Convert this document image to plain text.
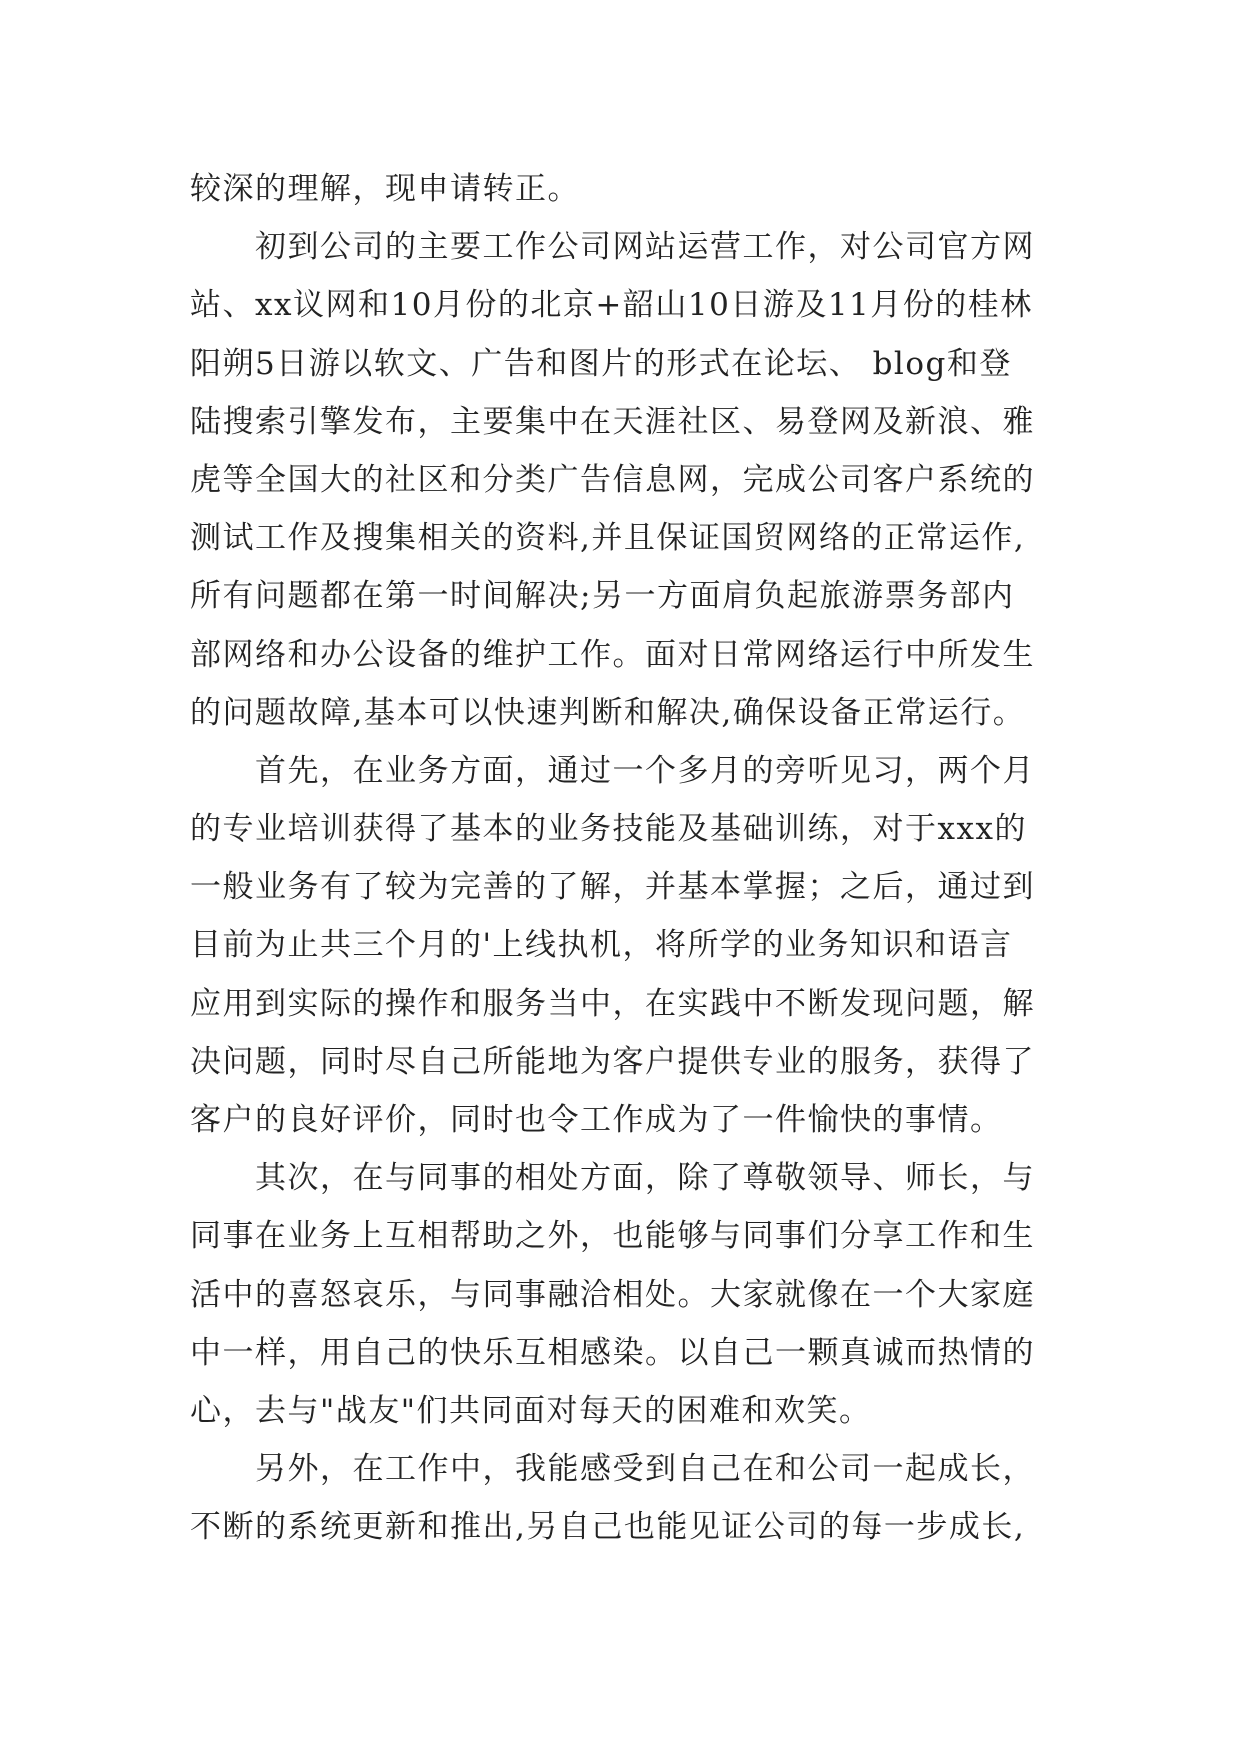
较深的理解，现申请转正。
　　初到公司的主要工作公司网站运营工作，对公司官方网
站、xx议网和10月份的北京+韶山10日游及11月份的桂林
阳朔5日游以软文、广告和图片的形式在论坛、 blog和登
陆搜索引擎发布，主要集中在天涯社区、易登网及新浪、雅
虎等全国大的社区和分类广告信息网，完成公司客户系统的
测试工作及搜集相关的资料,并且保证国贸网络的正常运作,
所有问题都在第一时间解决;另一方面肩负起旅游票务部内
部网络和办公设备的维护工作。面对日常网络运行中所发生
的问题故障,基本可以快速判断和解决,确保设备正常运行。
　　首先，在业务方面，通过一个多月的旁听见习，两个月
的专业培训获得了基本的业务技能及基础训练，对于xxx的
一般业务有了较为完善的了解，并基本掌握；之后，通过到
目前为止共三个月的'上线执机，将所学的业务知识和语言
应用到实际的操作和服务当中，在实践中不断发现问题，解
决问题，同时尽自己所能地为客户提供专业的服务，获得了
客户的良好评价，同时也令工作成为了一件愉快的事情。
　　其次，在与同事的相处方面，除了尊敬领导、师长，与
同事在业务上互相帮助之外，也能够与同事们分享工作和生
活中的喜怒哀乐，与同事融洽相处。大家就像在一个大家庭
中一样，用自己的快乐互相感染。以自己一颗真诚而热情的
心，去与"战友"们共同面对每天的困难和欢笑。
　　另外，在工作中，我能感受到自己在和公司一起成长，
不断的系统更新和推出,另自己也能见证公司的每一步成长,
